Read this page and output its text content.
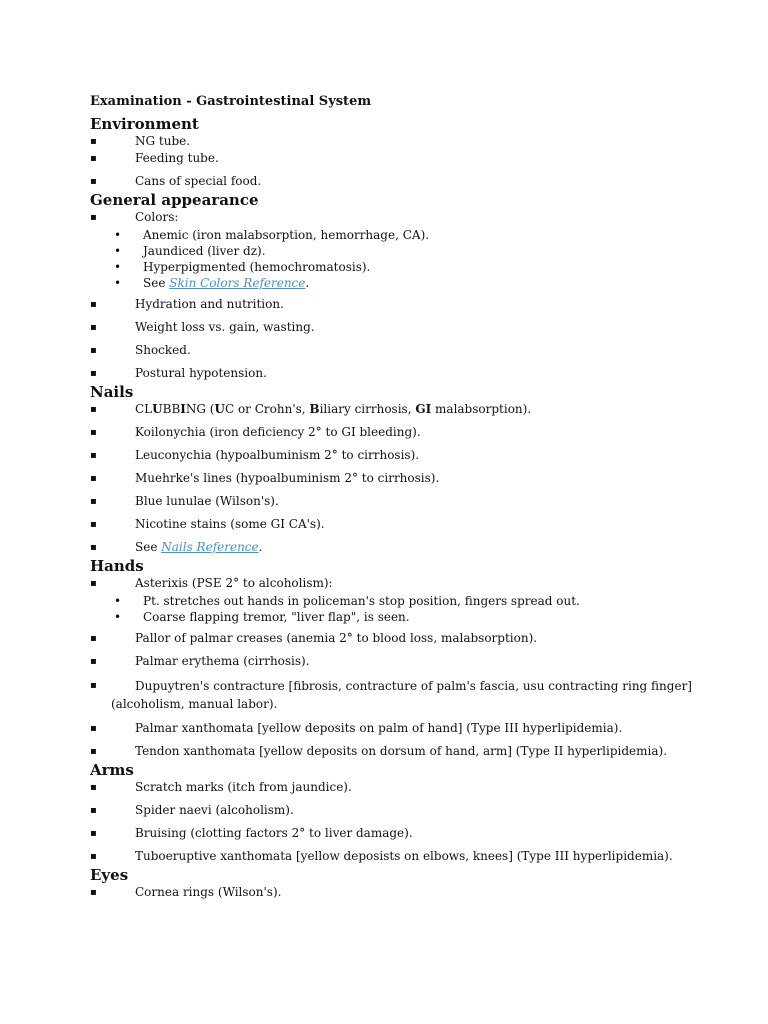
Examination - Gastrointestinal System
Environment
▪	NG tube.
▪	Feeding tube.
▪	Cans of special food.
General appearance
▪	Colors:
• Anemic (iron malabsorption, hemorrhage, CA).
• Jaundiced (liver dz).
• Hyperpigmented (hemochromatosis).
• See Skin Colors Reference.
▪	Hydration and nutrition.
▪	Weight loss vs. gain, wasting.
▪	Shocked.
▪	Postural hypotension.
Nails
▪	CLUBBING (UC or Crohn's, Biliary cirrhosis, GI malabsorption).
▪	Koilonychia (iron deficiency 2° to GI bleeding).
▪	Leuconychia (hypoalbuminism 2° to cirrhosis).
▪	Muehrke's lines (hypoalbuminism 2° to cirrhosis).
▪	Blue lunulae (Wilson's).
▪	Nicotine stains (some GI CA's).
▪	See Nails Reference.
Hands
▪	Asterixis (PSE 2° to alcoholism):
• Pt. stretches out hands in policeman's stop position, fingers spread out.
• Coarse flapping tremor, "liver flap", is seen.
▪	Pallor of palmar creases (anemia 2° to blood loss, malabsorption).
▪	Palmar erythema (cirrhosis).
▪	Dupuytren's contracture [fibrosis, contracture of palm's fascia, usu contracting ring finger]
(alcoholism, manual labor).
▪	Palmar xanthomata [yellow deposits on palm of hand] (Type III hyperlipidemia).
▪	Tendon xanthomata [yellow deposits on dorsum of hand, arm] (Type II hyperlipidemia).
Arms
▪	Scratch marks (itch from jaundice).
▪	Spider naevi (alcoholism).
▪	Bruising (clotting factors 2° to liver damage).
▪	Tuboeruptive xanthomata [yellow deposists on elbows, knees] (Type III hyperlipidemia).
Eyes
▪	Cornea rings (Wilson's).
